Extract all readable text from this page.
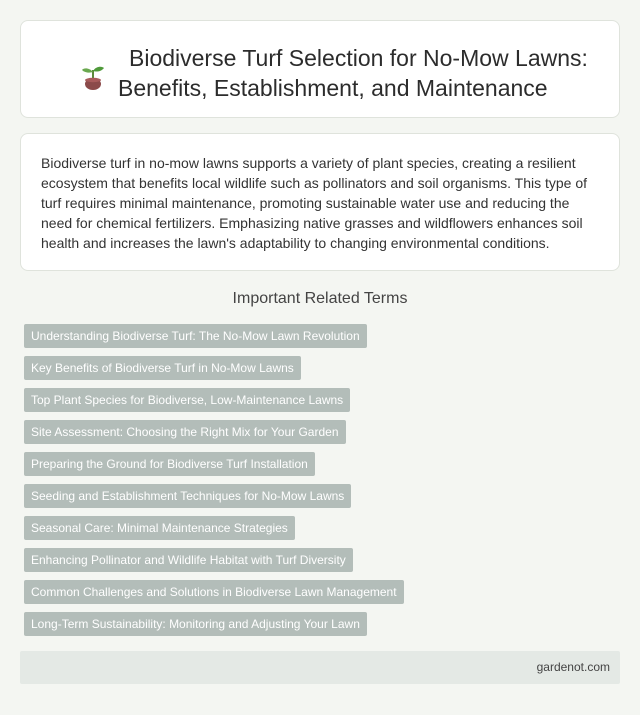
Biodiverse Turf Selection for No-Mow Lawns:
Benefits, Establishment, and Maintenance

Biodiverse turf in no-mow lawns supports a variety of plant species, creating a resilient ecosystem that benefits local wildlife such as pollinators and soil organisms. This type of turf requires minimal maintenance, promoting sustainable water use and reducing the need for chemical fertilizers. Emphasizing native grasses and wildflowers enhances soil health and increases the lawn's adaptability to changing environmental conditions.

Important Related Terms
Understanding Biodiverse Turf: The No-Mow Lawn Revolution
Key Benefits of Biodiverse Turf in No-Mow Lawns
Top Plant Species for Biodiverse, Low-Maintenance Lawns
Site Assessment: Choosing the Right Mix for Your Garden
Preparing the Ground for Biodiverse Turf Installation
Seeding and Establishment Techniques for No-Mow Lawns
Seasonal Care: Minimal Maintenance Strategies
Enhancing Pollinator and Wildlife Habitat with Turf Diversity
Common Challenges and Solutions in Biodiverse Lawn Management
Long-Term Sustainability: Monitoring and Adjusting Your Lawn
gardenot.com
